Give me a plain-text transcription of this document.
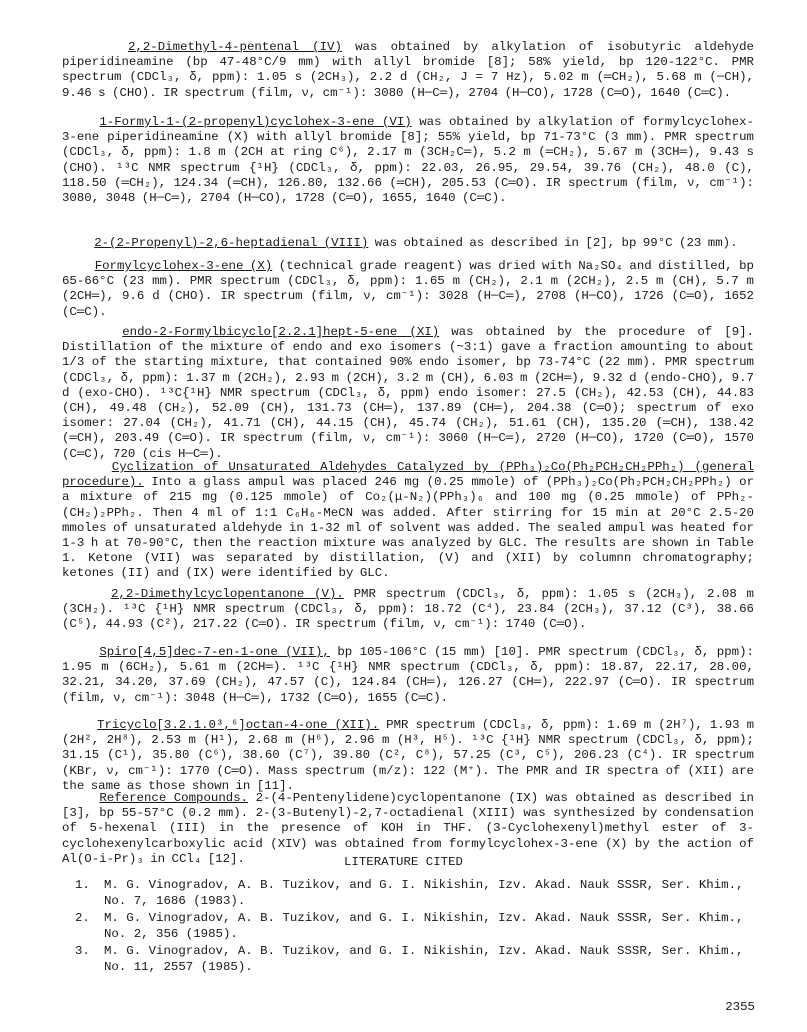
2,2-Dimethyl-4-pentenal (IV) was obtained by alkylation of isobutyric aldehyde piperidineamine (bp 47-48°C/9 mm) with allyl bromide [8]; 58% yield, bp 120-122°C. PMR spectrum (CDCl₃, δ, ppm): 1.05 s (2CH₃), 2.2 d (CH₂, J = 7 Hz), 5.02 m (═CH₂), 5.68 m (─CH), 9.46 s (CHO). IR spectrum (film, ν, cm⁻¹): 3080 (H─C═), 2704 (H─CO), 1728 (C═O), 1640 (C═C).

1-Formyl-1-(2-propenyl)cyclohex-3-ene (VI) was obtained by alkylation of formylcyclohex-3-ene piperidineamine (X) with allyl bromide [8]; 55% yield, bp 71-73°C (3 mm). PMR spectrum (CDCl₃, δ, ppm): 1.8 m (2CH at ring C⁶), 2.17 m (3CH₂C═), 5.2 m (═CH₂), 5.67 m (3CH═), 9.43 s (CHO). ¹³C NMR spectrum {¹H} (CDCl₃, δ, ppm): 22.03, 26.95, 29.54, 39.76 (CH₂), 48.0 (C), 118.50 (═CH₂), 124.34 (═CH), 126.80, 132.66 (═CH), 205.53 (C═O). IR spectrum (film, ν, cm⁻¹): 3080, 3048 (H─C═), 2704 (H─CO), 1728 (C═O), 1655, 1640 (C═C).

2-(2-Propenyl)-2,6-heptadienal (VIII) was obtained as described in [2], bp 99°C (23 mm).

Formylcyclohex-3-ene (X) (technical grade reagent) was dried with Na₂SO₄ and distilled, bp 65-66°C (23 mm). PMR spectrum (CDCl₃, δ, ppm): 1.65 m (CH₂), 2.1 m (2CH₂), 2.5 m (CH), 5.7 m (2CH═), 9.6 d (CHO). IR spectrum (film, ν, cm⁻¹): 3028 (H─C═), 2708 (H─CO), 1726 (C═O), 1652 (C═C).

endo-2-Formylbicyclo[2.2.1]hept-5-ene (XI) was obtained by the procedure of [9]. Distillation of the mixture of endo and exo isomers (~3:1) gave a fraction amounting to about 1/3 of the starting mixture, that contained 90% endo isomer, bp 73-74°C (22 mm). PMR spectrum (CDCl₃, δ, ppm): 1.37 m (2CH₂), 2.93 m (2CH), 3.2 m (CH), 6.03 m (2CH═), 9.32 d (endo-CHO), 9.7 d (exo-CHO). ¹³C{¹H} NMR spectrum (CDCl₃, δ, ppm) endo isomer: 27.5 (CH₂), 42.53 (CH), 44.83 (CH), 49.48 (CH₂), 52.09 (CH), 131.73 (CH═), 137.89 (CH═), 204.38 (C═O); spectrum of exo isomer: 27.04 (CH₂), 41.71 (CH), 44.15 (CH), 45.74 (CH₂), 51.61 (CH), 135.20 (═CH), 138.42 (═CH), 203.49 (C═O). IR spectrum (film, ν, cm⁻¹): 3060 (H─C═), 2720 (H─CO), 1720 (C═O), 1570 (C═C), 720 (cis H─C═).

Cyclization of Unsaturated Aldehydes Catalyzed by (PPh₃)₂Co(Ph₂PCH₂CH₂PPh₂) (general procedure). Into a glass ampul was placed 246 mg (0.25 mmole) of (PPh₃)₂Co(Ph₂PCH₂CH₂PPh₂) or a mixture of 215 mg (0.125 mmole) of Co₂(μ-N₂)(PPh₃)₆ and 100 mg (0.25 mmole) of PPh₂-(CH₂)₂PPh₂. Then 4 ml of 1:1 C₆H₆-MeCN was added. After stirring for 15 min at 20°C 2.5-20 mmoles of unsaturated aldehyde in 1-32 ml of solvent was added. The sealed ampul was heated for 1-3 h at 70-90°C, then the reaction mixture was analyzed by GLC. The results are shown in Table 1. Ketone (VII) was separated by distillation, (V) and (XII) by columnn chromatography; ketones (II) and (IX) were identified by GLC.

2,2-Dimethylcyclopentanone (V). PMR spectrum (CDCl₃, δ, ppm): 1.05 s (2CH₃), 2.08 m (3CH₂). ¹³C {¹H} NMR spectrum (CDCl₃, δ, ppm): 18.72 (C⁴), 23.84 (2CH₃), 37.12 (C³), 38.66 (C⁵), 44.93 (C²), 217.22 (C═O). IR spectrum (film, ν, cm⁻¹): 1740 (C═O).

Spiro[4,5]dec-7-en-1-one (VII), bp 105-106°C (15 mm) [10]. PMR spectrum (CDCl₃, δ, ppm): 1.95 m (6CH₂), 5.61 m (2CH═). ¹³C {¹H} NMR spectrum (CDCl₃, δ, ppm): 18.87, 22.17, 28.00, 32.21, 34.20, 37.69 (CH₂), 47.57 (C), 124.84 (CH═), 126.27 (CH═), 222.97 (C═O). IR spectrum (film, ν, cm⁻¹): 3048 (H─C═), 1732 (C═O), 1655 (C═C).

Tricyclo[3.2.1.0³,⁶]octan-4-one (XII). PMR spectrum (CDCl₃, δ, ppm): 1.69 m (2H⁷), 1.93 m (2H², 2H⁸), 2.53 m (H¹), 2.68 m (H⁶), 2.96 m (H³, H⁵). ¹³C {¹H} NMR spectrum (CDCl₃, δ, ppm); 31.15 (C¹), 35.80 (C⁶), 38.60 (C⁷), 39.80 (C², C⁸), 57.25 (C³, C⁵), 206.23 (C⁴). IR spectrum (KBr, ν, cm⁻¹): 1770 (C═O). Mass spectrum (m/z): 122 (M⁺). The PMR and IR spectra of (XII) are the same as those shown in [11].

Reference Compounds. 2-(4-Pentenylidene)cyclopentanone (IX) was obtained as described in [3], bp 55-57°C (0.2 mm). 2-(3-Butenyl)-2,7-octadienal (XIII) was synthesized by condensation of 5-hexenal (III) in the presence of KOH in THF. (3-Cyclohexenyl)methyl ester of 3-cyclohexenylcarboxylic acid (XIV) was obtained from formylcyclohex-3-ene (X) by the action of Al(O-i-Pr)₃ in CCl₄ [12].	LITERATURE CITED

1. M. G. Vinogradov, A. B. Tuzikov, and G. I. Nikishin, Izv. Akad. Nauk SSSR, Ser. Khim.,
No. 7, 1686 (1983).
2. M. G. Vinogradov, A. B. Tuzikov, and G. I. Nikishin, Izv. Akad. Nauk SSSR, Ser. Khim.,
No. 2, 356 (1985).
3. M. G. Vinogradov, A. B. Tuzikov, and G. I. Nikishin, Izv. Akad. Nauk SSSR, Ser. Khim.,
No. 11, 2557 (1985).
2355
